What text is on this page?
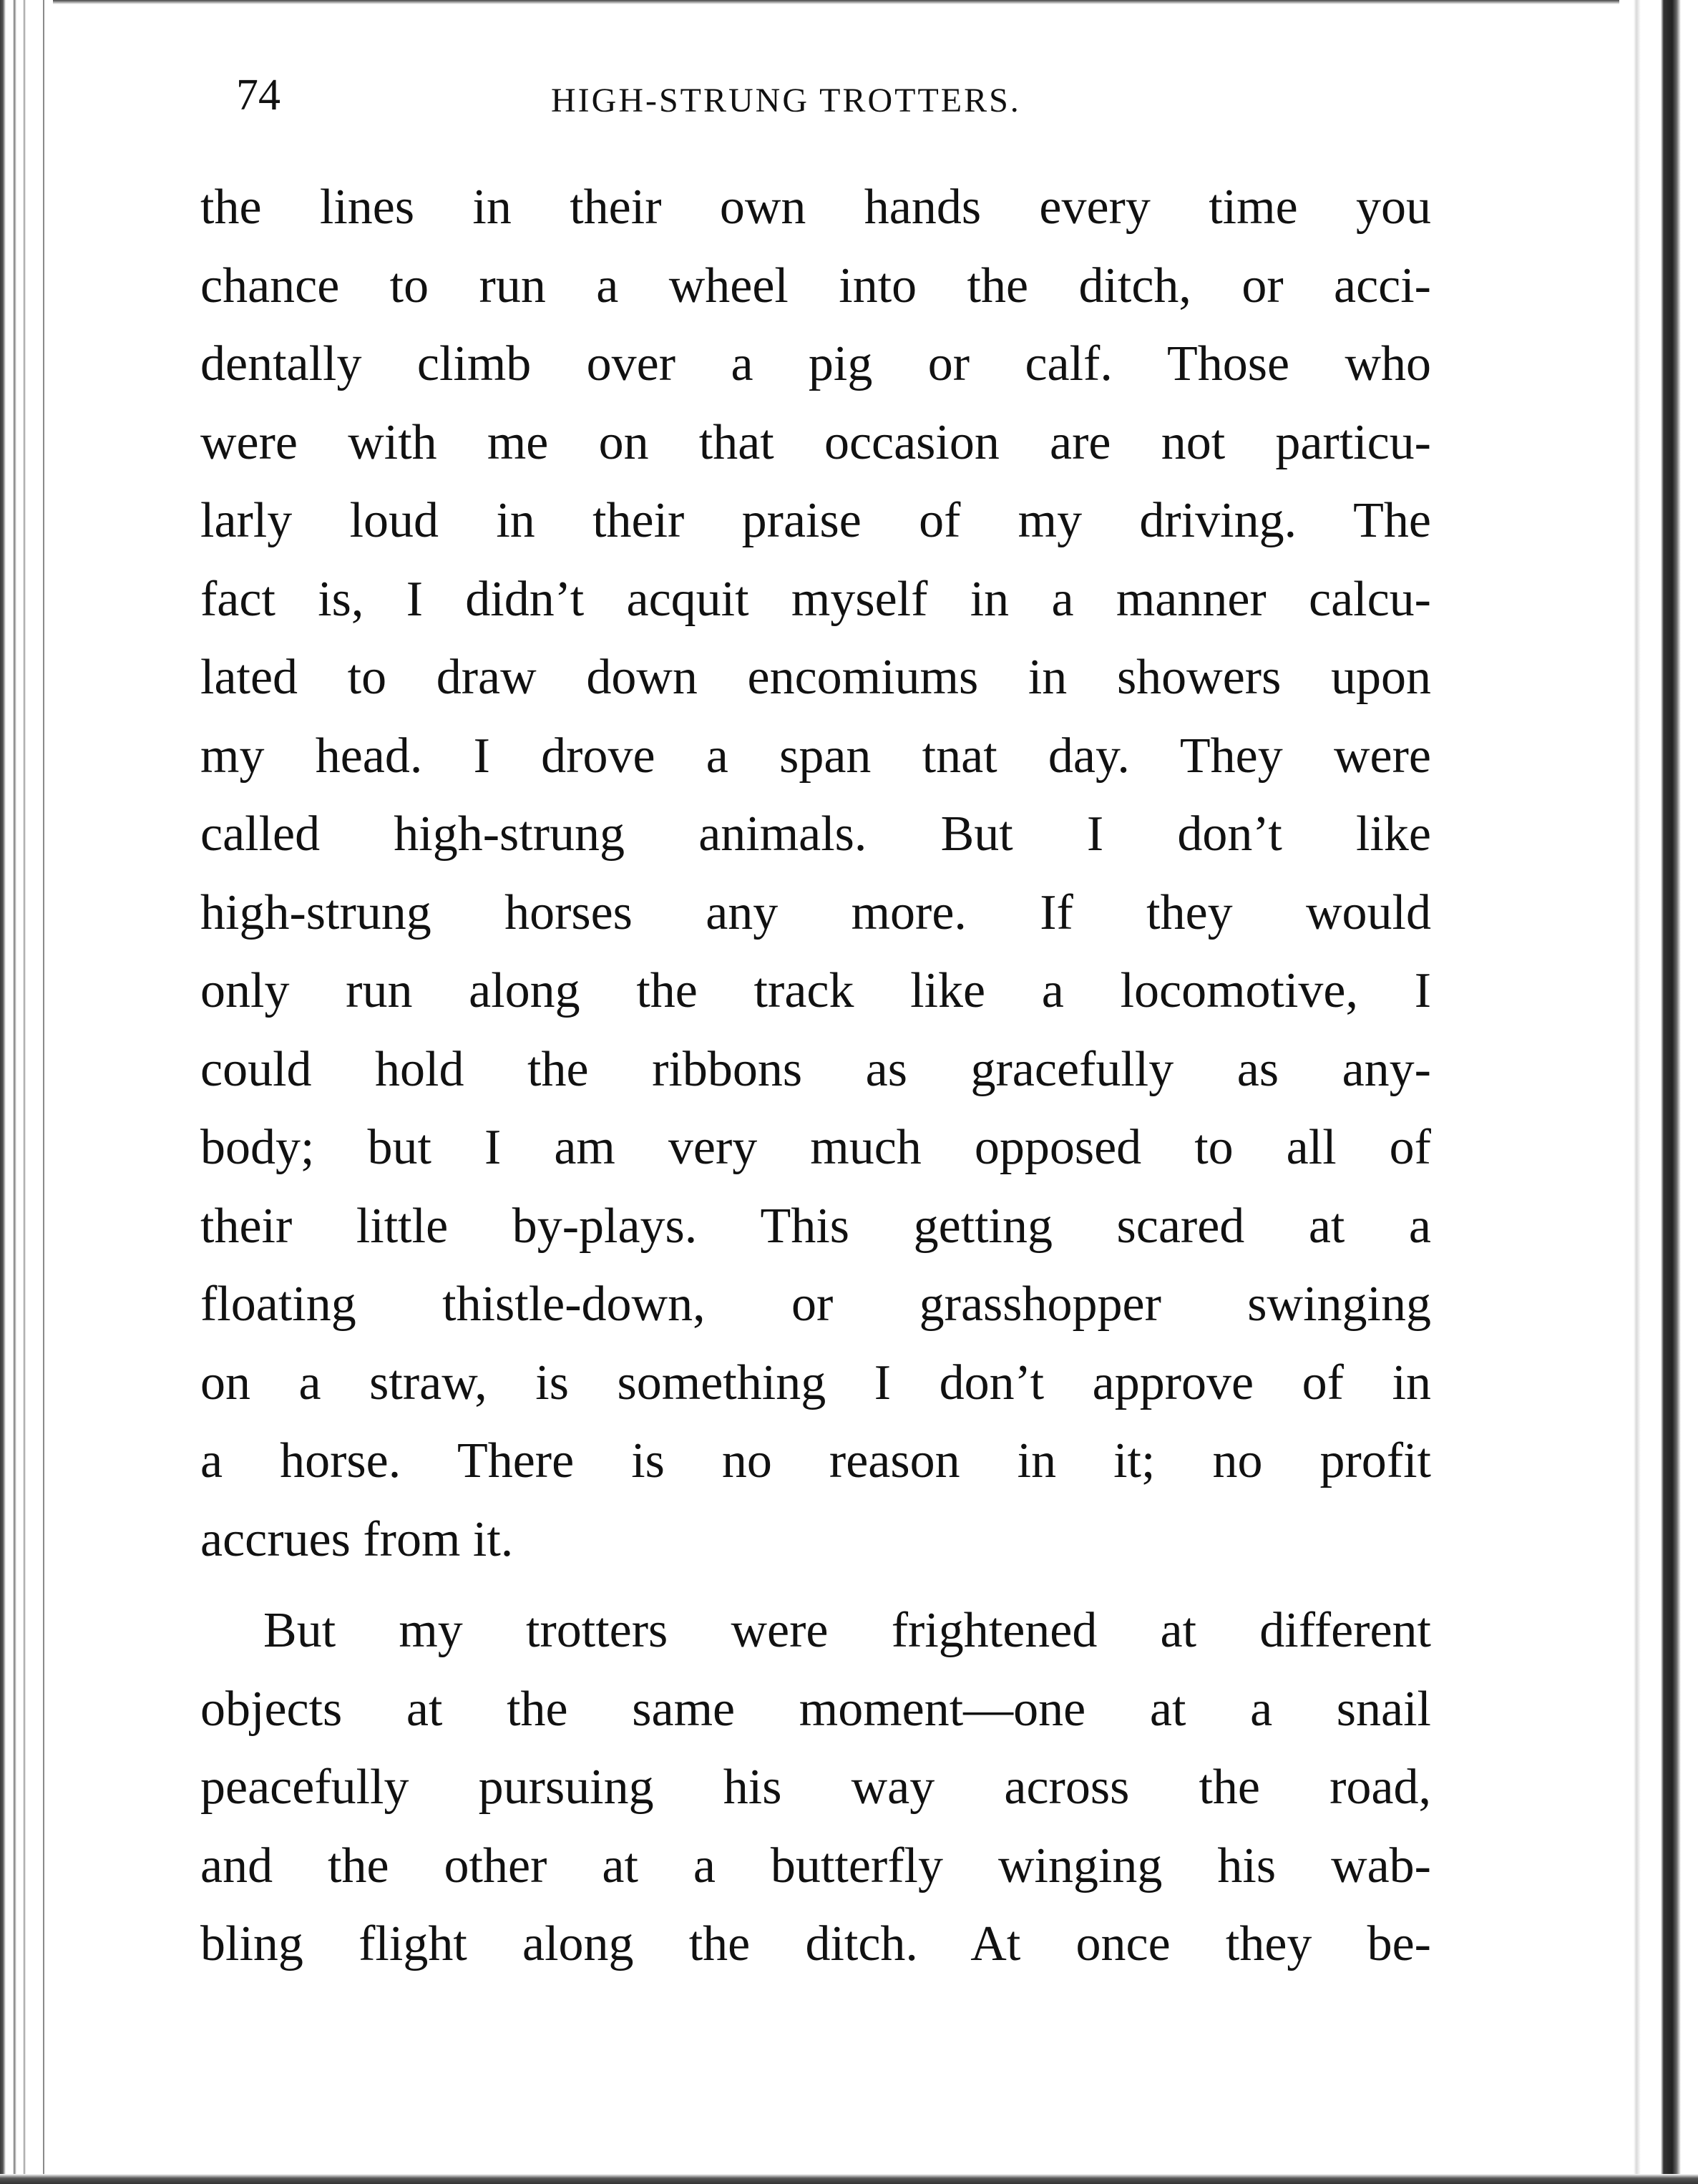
74	HIGH-STRUNG TROTTERS.
the lines in their own hands every time you
chance to run a wheel into the ditch, or acci-
dentally climb over a pig or calf. Those who
were with me on that occasion are not particu-
larly loud in their praise of my driving. The
fact is, I didn’t acquit myself in a manner calcu-
lated to draw down encomiums in showers upon
my head. I drove a span tnat day. They were
called high-strung animals. But I don’t like
high-strung horses any more. If they would
only run along the track like a locomotive, I
could hold the ribbons as gracefully as any-
body; but I am very much opposed to all of
their little by-plays. This getting scared at a
floating thistle-down, or grasshopper swinging
on a straw, is something I don’t approve of in
a horse. There is no reason in it; no profit
accrues from it.
But my trotters were frightened at different
objects at the same moment—one at a snail
peacefully pursuing his way across the road,
and the other at a butterfly winging his wab-
bling flight along the ditch. At once they be-
